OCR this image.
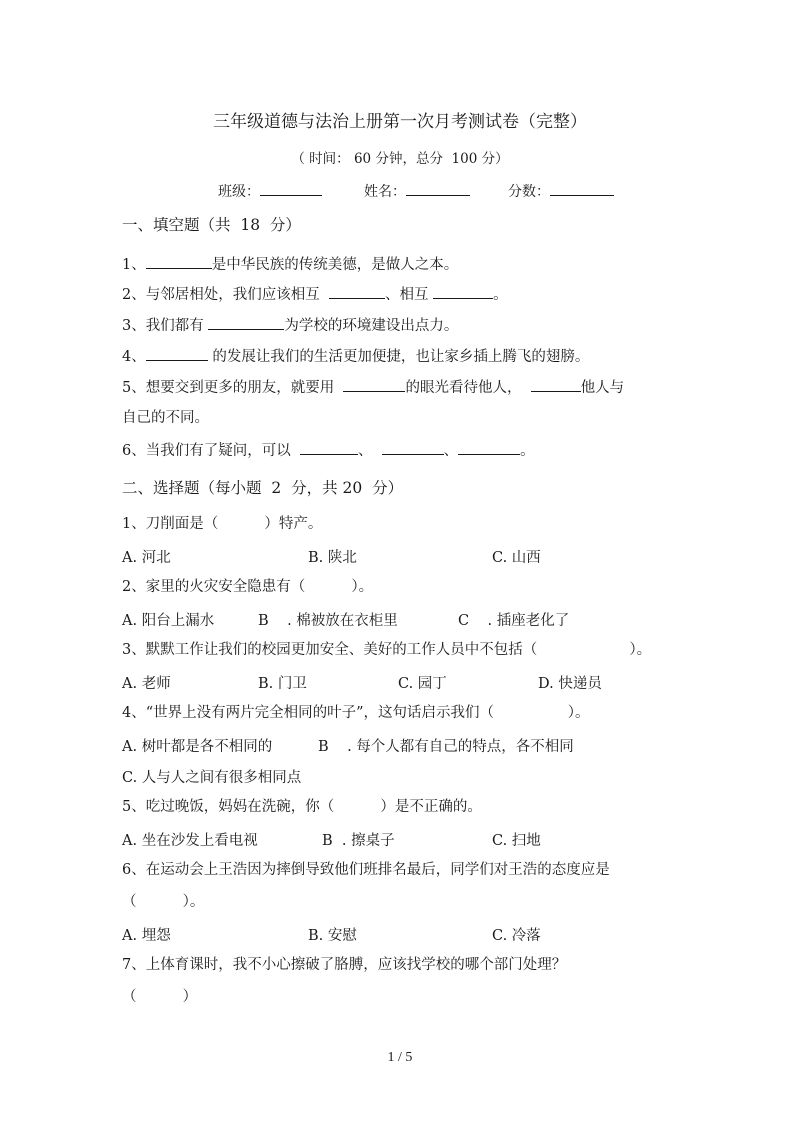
三年级道德与法治上册第一次月考测试卷（完整）
（ 时间： 60 分钟，总分  100 分）
班级：	姓名：	分数：
一、填空题（共  18  分）
1、	是中华民族的传统美德，是做人之本。
2、与邻居相处，我们应该相互	、相互	。
3、我们都有	为学校的环境建设出点力。
4、	的发展让我们的生活更加便捷，也让家乡插上腾飞的翅膀。
5、想要交到更多的朋友，就要用	的眼光看待他人，	他人与
自己的不同。
6、当我们有了疑问，可以	、	、	。
二、选择题（每小题  2  分，共 20  分）
1、刀削面是（          ）特产。
A. 河北	B. 陕北	C. 山西
2、家里的火灾安全隐患有（          ）。
A. 阳台上漏水	B    . 棉被放在衣柜里	C    . 插座老化了
3、默默工作让我们的校园更加安全、美好的工作人员中不包括（                    ）。
A. 老师	B. 门卫	C. 园丁	D. 快递员
4、“世界上没有两片完全相同的叶子”，这句话启示我们（                ）。
A. 树叶都是各不相同的	B    . 每个人都有自己的特点，各不相同
C. 人与人之间有很多相同点
5、吃过晚饭，妈妈在洗碗，你（          ）是不正确的。
A. 坐在沙发上看电视	B  . 擦桌子	C. 扫地
6、在运动会上王浩因为摔倒导致他们班排名最后，同学们对王浩的态度应是
（          ）。
A. 埋怨	B. 安慰	C. 冷落
7、上体育课时，我不小心擦破了胳膊，应该找学校的哪个部门处理？
（          ）
1 / 5
